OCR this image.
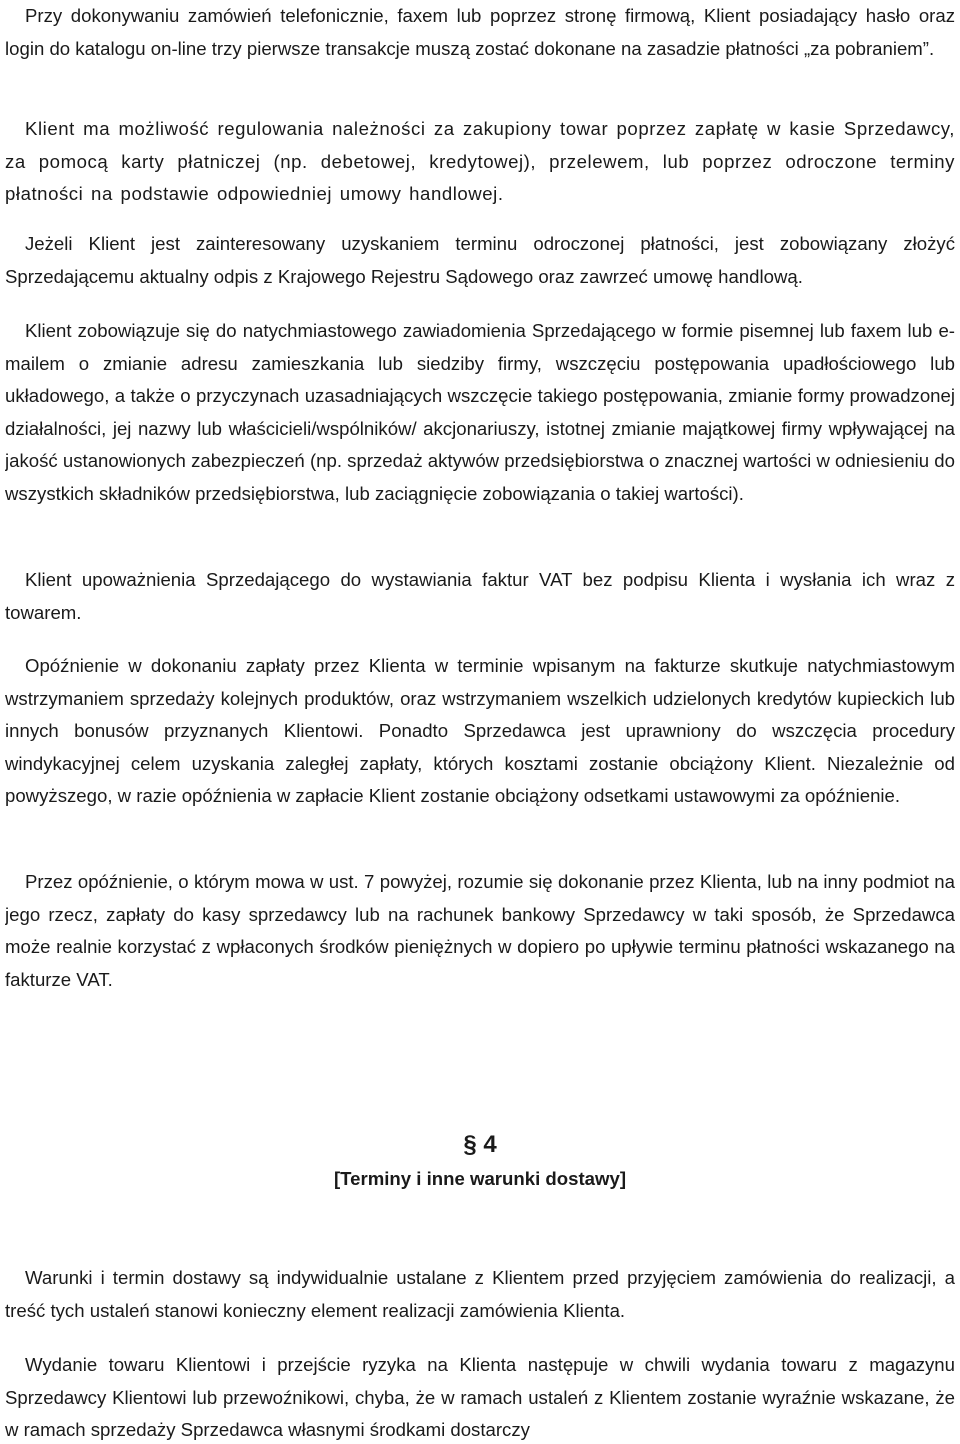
Przy dokonywaniu zamówień telefonicznie, faxem lub poprzez stronę firmową, Klient posiadający hasło oraz login do katalogu on-line trzy pierwsze transakcje muszą zostać dokonane na zasadzie płatności „za pobraniem”.

Klient ma możliwość regulowania należności za zakupiony towar poprzez zapłatę w kasie Sprzedawcy, za pomocą karty płatniczej (np. debetowej, kredytowej), przelewem, lub poprzez odroczone terminy płatności na podstawie odpowiedniej umowy handlowej.

Jeżeli Klient jest zainteresowany uzyskaniem terminu odroczonej płatności, jest zobowiązany złożyć Sprzedającemu aktualny odpis z Krajowego Rejestru Sądowego oraz zawrzeć umowę handlową.

Klient zobowiązuje się do natychmiastowego zawiadomienia Sprzedającego w formie pisemnej lub faxem lub e-mailem o zmianie adresu zamieszkania lub siedziby firmy, wszczęciu postępowania upadłościowego lub układowego, a także o przyczynach uzasadniających wszczęcie takiego postępowania, zmianie formy prowadzonej działalności, jej nazwy lub właścicieli/wspólników/ akcjonariuszy, istotnej zmianie majątkowej firmy wpływającej na jakość ustanowionych zabezpieczeń (np. sprzedaż aktywów przedsiębiorstwa o znacznej wartości w odniesieniu do wszystkich składników przedsiębiorstwa, lub zaciągnięcie zobowiązania o takiej wartości).

Klient upoważnienia Sprzedającego do wystawiania faktur VAT bez podpisu Klienta i wysłania ich wraz z towarem.

Opóźnienie w dokonaniu zapłaty przez Klienta w terminie wpisanym na fakturze skutkuje natychmiastowym wstrzymaniem sprzedaży kolejnych produktów, oraz wstrzymaniem wszelkich udzielonych kredytów kupieckich lub innych bonusów przyznanych Klientowi. Ponadto Sprzedawca jest uprawniony do wszczęcia procedury windykacyjnej celem uzyskania zaległej zapłaty, których kosztami zostanie obciążony Klient. Niezależnie od powyższego, w razie opóźnienia w zapłacie Klient zostanie obciążony odsetkami ustawowymi za opóźnienie.

Przez opóźnienie, o którym mowa w ust. 7 powyżej, rozumie się dokonanie przez Klienta, lub na inny podmiot na jego rzecz, zapłaty do kasy sprzedawcy lub na rachunek bankowy Sprzedawcy w taki sposób, że Sprzedawca może realnie korzystać z wpłaconych środków pieniężnych w dopiero po upływie terminu płatności wskazanego na fakturze VAT.

§ 4
[Terminy i inne warunki dostawy]

Warunki i termin dostawy są indywidualnie ustalane z Klientem przed przyjęciem zamówienia do realizacji, a treść tych ustaleń stanowi konieczny element realizacji zamówienia Klienta.

Wydanie towaru Klientowi i przejście ryzyka na Klienta następuje w chwili wydania towaru z magazynu Sprzedawcy Klientowi lub przewoźnikowi, chyba, że w ramach ustaleń z Klientem zostanie wyraźnie wskazane, że w ramach sprzedaży Sprzedawca własnymi środkami dostarczy
